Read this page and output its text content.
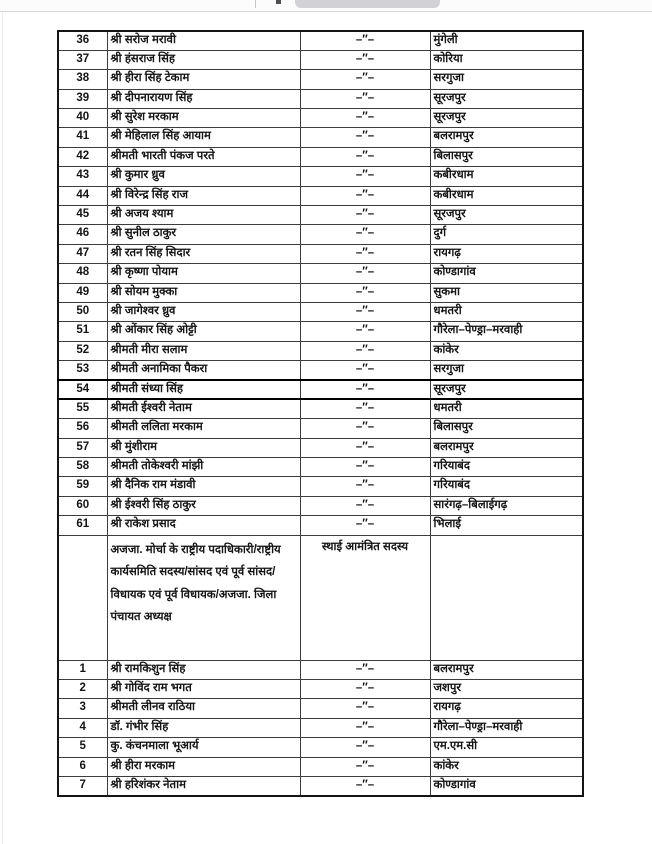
36	श्री सरोज मरावी	–″–	मुंगेली
37	श्री हंसराज सिंह	–″–	कोरिया
38	श्री हीरा सिंह टेकाम	–″–	सरगुजा
39	श्री दीपनारायण सिंह	–″–	सूरजपुर
40	श्री सुरेश मरकाम	–″–	सूरजपुर
41	श्री मेहिलाल सिंह आयाम	–″–	बलरामपुर
42	श्रीमती भारती पंकज परते	–″–	बिलासपुर
43	श्री कुमार ध्रुव	–″–	कबीरधाम
44	श्री विरेन्द्र सिंह राज	–″–	कबीरधाम
45	श्री अजय श्याम	–″–	सूरजपुर
46	श्री सुनील ठाकुर	–″–	दुर्ग
47	श्री रतन सिंह सिदार	–″–	रायगढ़
48	श्री कृष्णा पोयाम	–″–	कोण्डागांव
49	श्री सोयम मुक्का	–″–	सुकमा
50	श्री जागेश्वर ध्रुव	–″–	धमतरी
51	श्री ओंकार सिंह ओट्टी	–″–	गौरेला–पेण्ड्रा–मरवाही
52	श्रीमती मीरा सलाम	–″–	कांकेर
53	श्रीमती अनामिका पैकरा	–″–	सरगुजा
54	श्रीमती संध्या सिंह	–″–	सूरजपुर
55	श्रीमती ईश्वरी नेताम	–″–	धमतरी
56	श्रीमती ललिता मरकाम	–″–	बिलासपुर
57	श्री मुंशीराम	–″–	बलरामपुर
58	श्रीमती तोकेश्वरी मांझी	–″–	गरियाबंद
59	श्री दैनिक राम मंडावी	–″–	गरियाबंद
60	श्री ईश्वरी सिंह ठाकुर	–″–	सारंगढ़–बिलाईगढ़
61	श्री राकेश प्रसाद	–″–	भिलाई
	अजजा. मोर्चा के राष्ट्रीय पदाधिकारी/राष्ट्रीय कार्यसमिति सदस्य/सांसद एवं पूर्व सांसद/विधायक एवं पूर्व विधायक/अजजा. जिला पंचायत अध्यक्ष	स्थाई आमंत्रित सदस्य	
1	श्री रामकिशुन सिंह	–″–	बलरामपुर
2	श्री गोविंद राम भगत	–″–	जशपुर
3	श्रीमती लीनव राठिया	–″–	रायगढ़
4	डॉ. गंभीर सिंह	–″–	गौरेला–पेण्ड्रा–मरवाही
5	कु. कंचनमाला भूआर्य	–″–	एम.एम.सी
6	श्री हीरा मरकाम	–″–	कांकेर
7	श्री हरिशंकर नेताम	–″–	कोण्डागांव
